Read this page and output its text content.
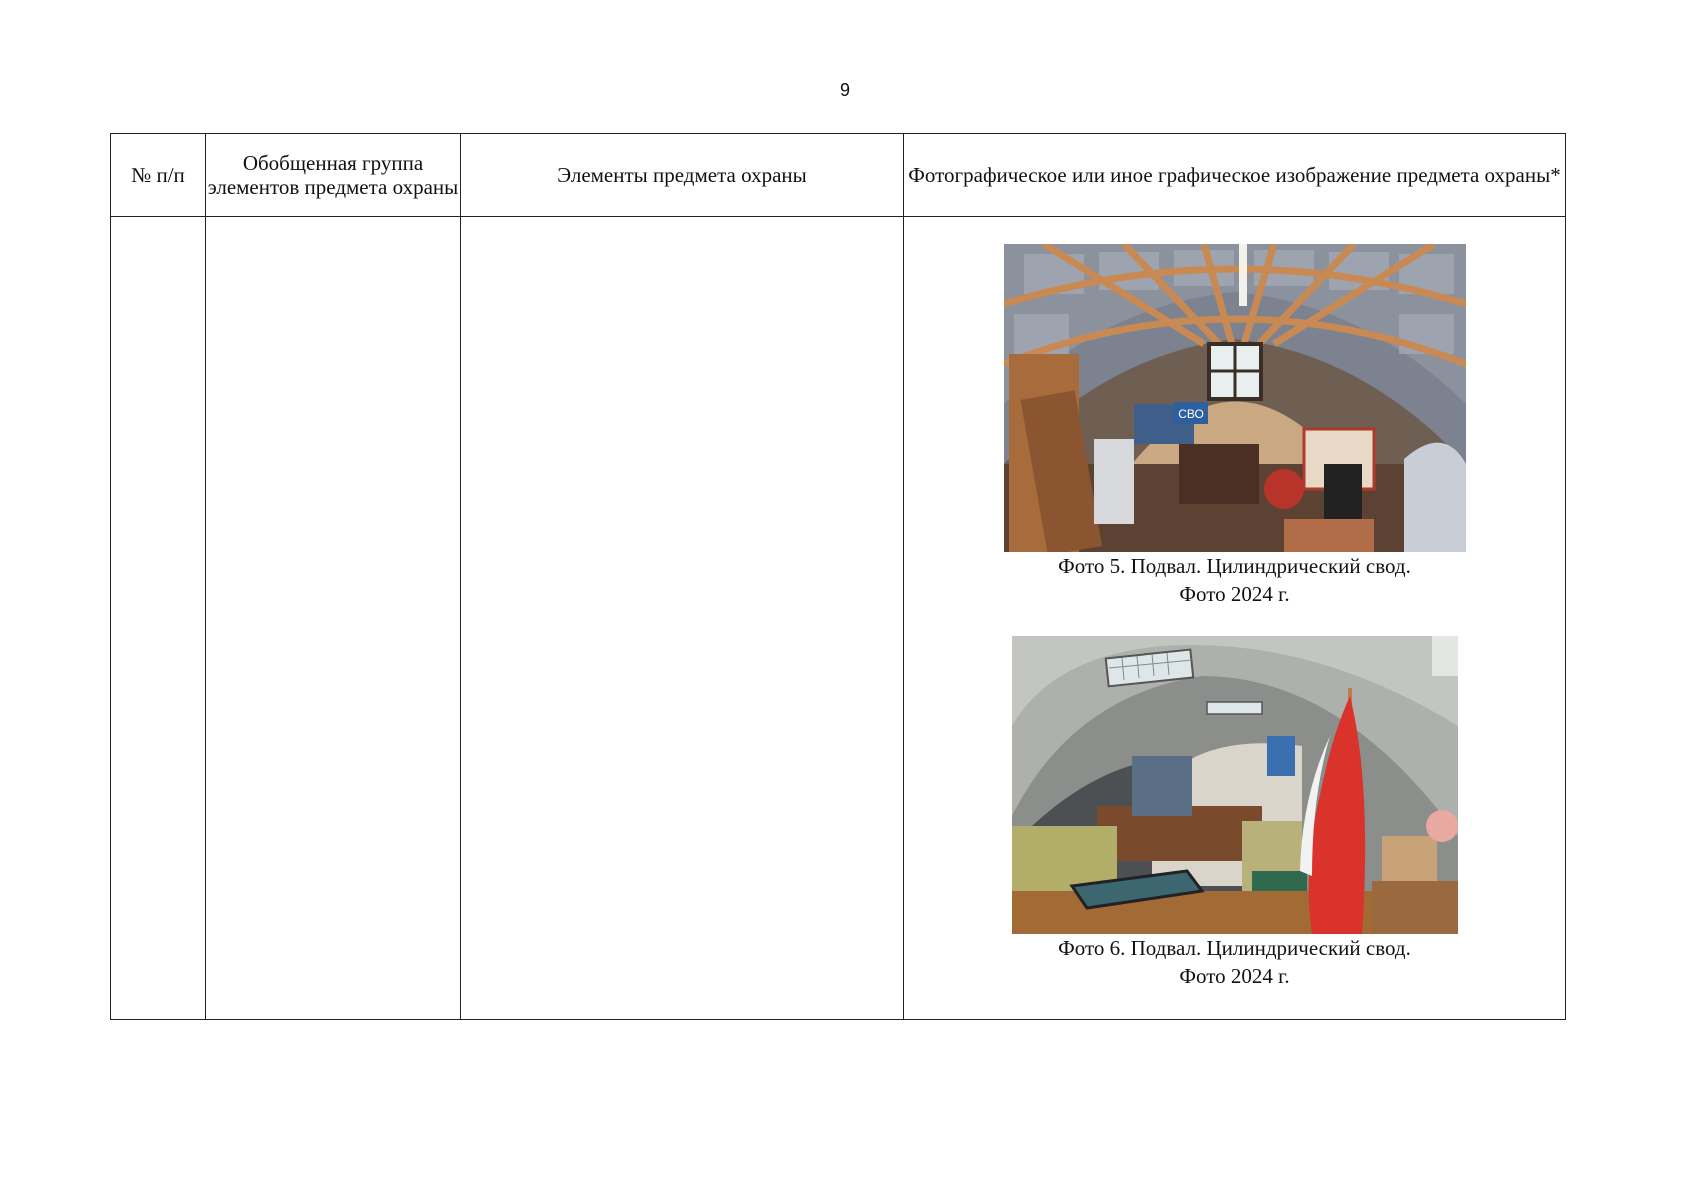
9
№ п/п	Обобщенная группа элементов предмета охраны	Элементы предмета охраны	Фотографическое или иное графическое изображение предмета охраны*

СВО
Фото 5. Подвал. Цилиндрический свод.
Фото 2024 г.
Фото 6. Подвал. Цилиндрический свод.
Фото 2024 г.
